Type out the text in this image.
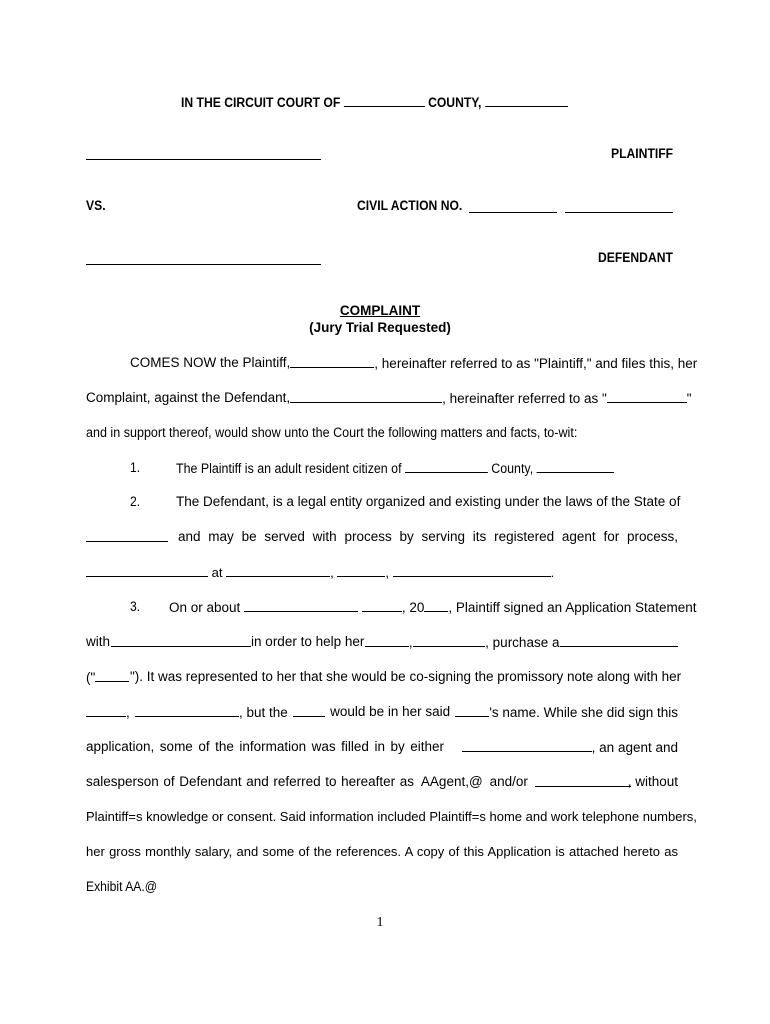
IN THE CIRCUIT COURT OF	COUNTY,
PLAINTIFF
VS.	CIVIL ACTION NO.
DEFENDANT
COMPLAINT
(Jury Trial Requested)
COMES NOW the Plaintiff,	, hereinafter referred to as "Plaintiff," and files this, her
Complaint, against the Defendant,	, hereinafter referred to as "	"
and in support thereof, would show unto the Court the following matters and facts, to-wit:
1.	The Plaintiff is an adult resident citizen of	County,
2.	The Defendant, is a legal entity organized and existing under the laws of the State of
and may be served with process by serving its registered agent for process,
at	,	,	.
3. On or about	, 20 , Plaintiff signed an Application Statement
with	in order to help her	,	, purchase a
("	"). It was represented to her that she would be co-signing the promissory note along with her
,	, but the	would be in her said	's name. While she did sign this
application, some of the information was filled in by either	, an agent and
salesperson of Defendant and referred to hereafter as AAgent,@ and/or	, without
Plaintiff=s knowledge or consent. Said information included Plaintiff=s home and work telephone numbers,
her gross monthly salary, and some of the references. A copy of this Application is attached hereto as
Exhibit AA.@
1
